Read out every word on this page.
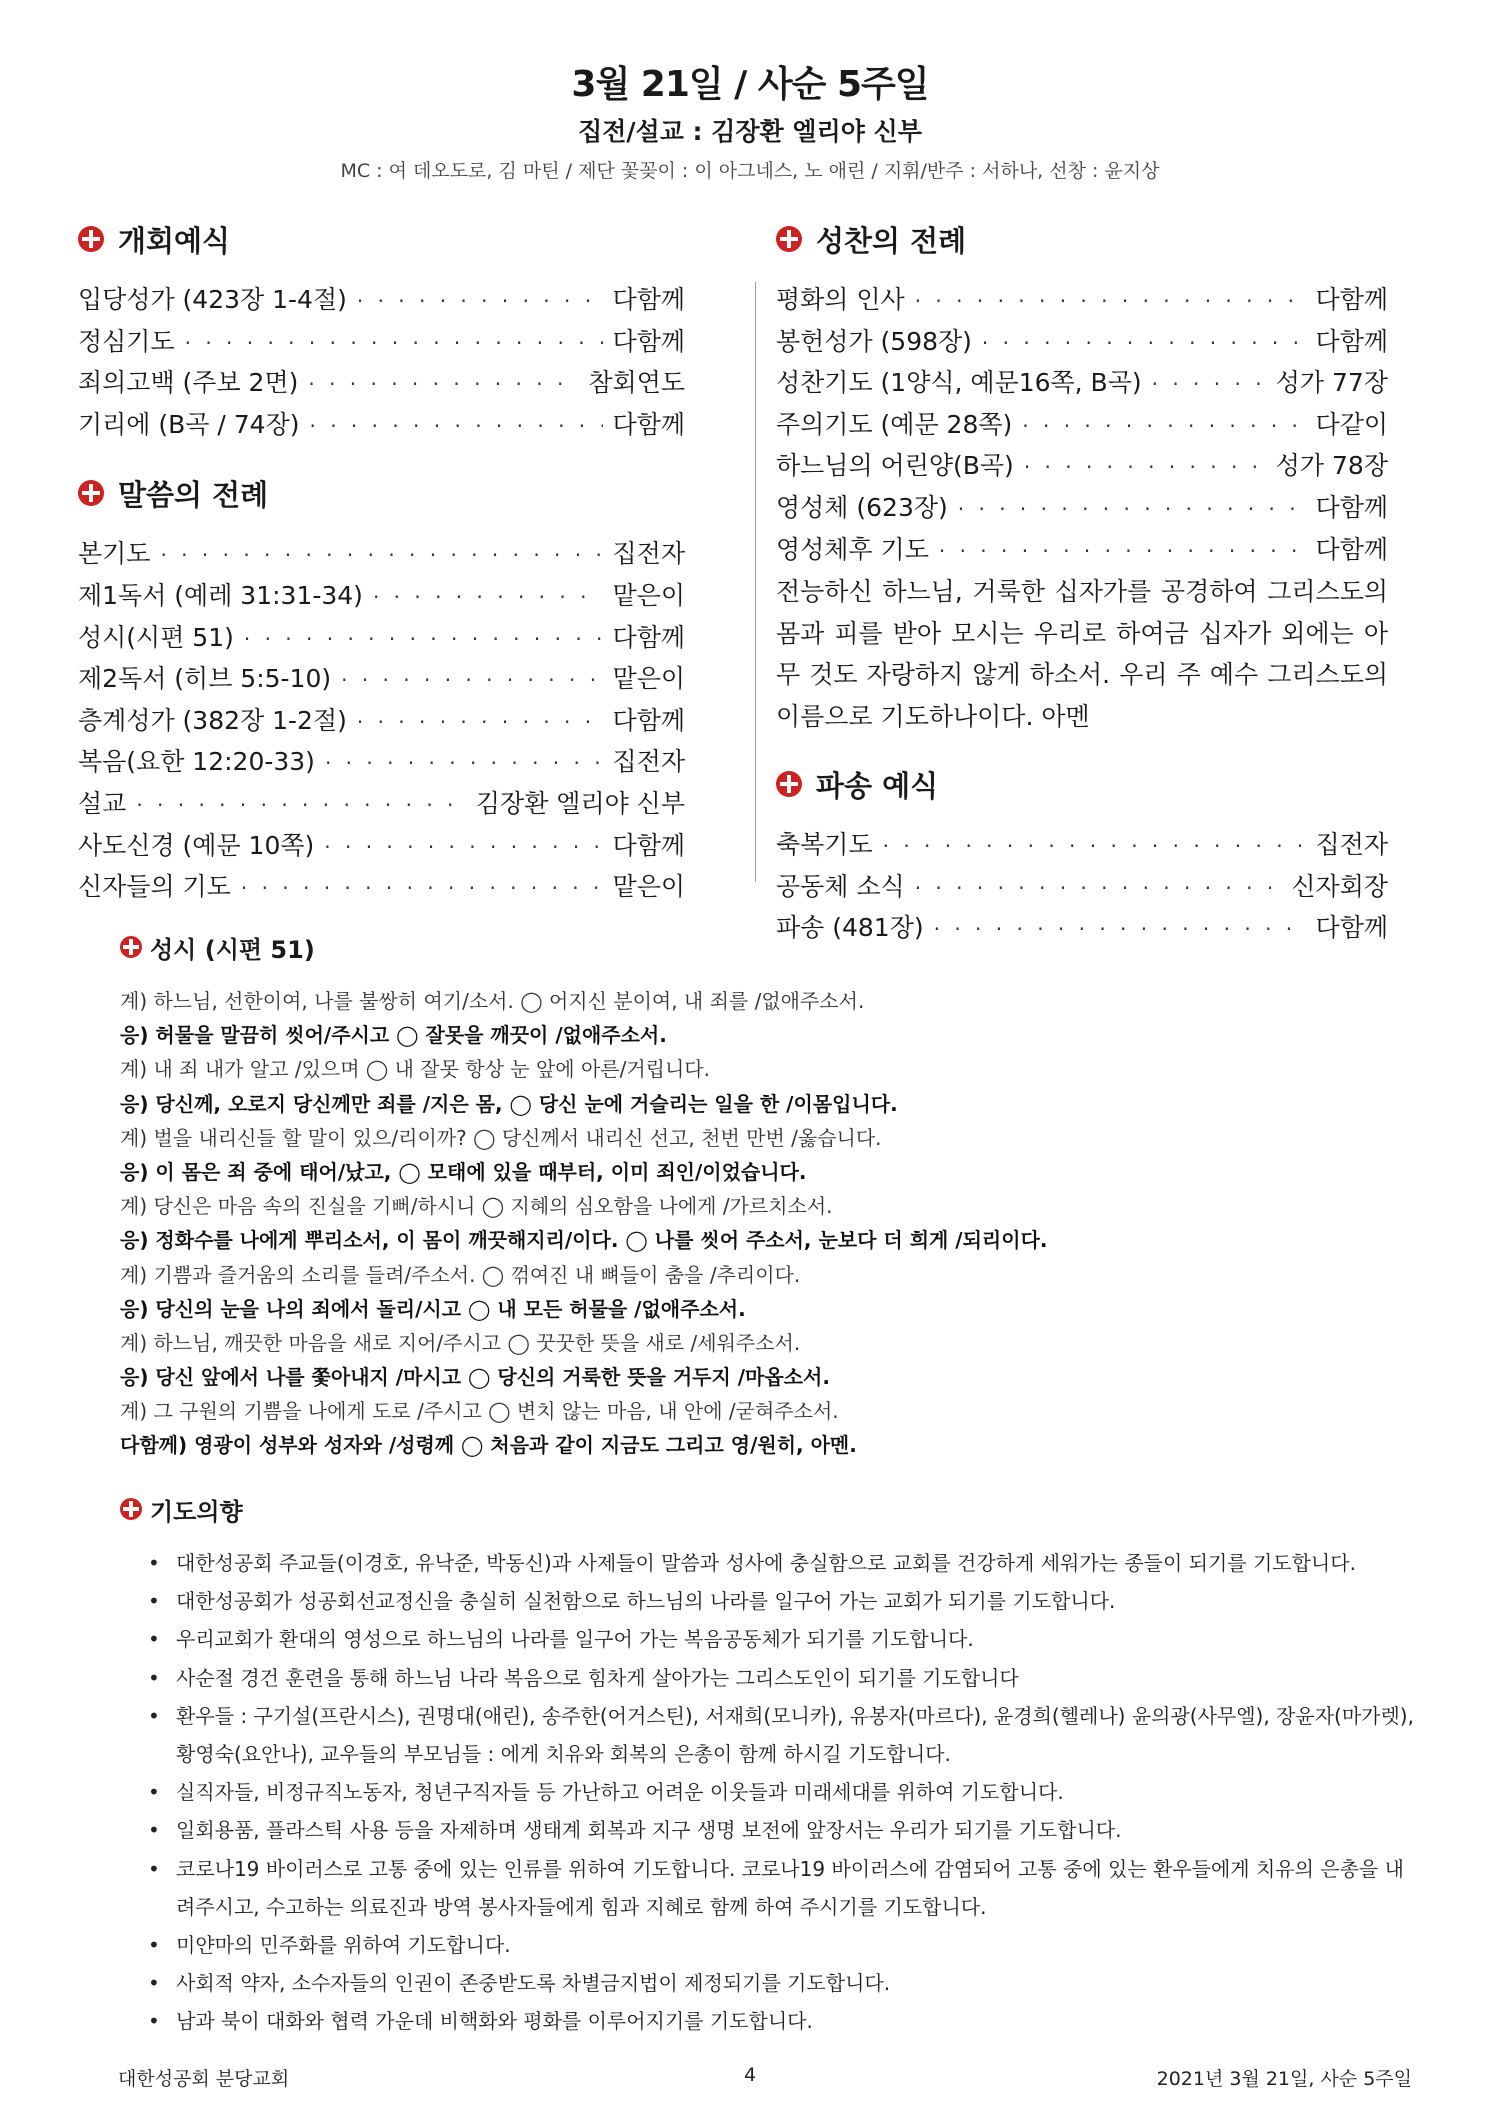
3월 21일 / 사순 5주일
집전/설교 : 김장환 엘리야 신부
MC : 여 데오도로, 김 마틴 / 제단 꽃꽂이 : 이 아그네스, 노 애린 / 지휘/반주 : 서하나, 선창 : 윤지상
개회예식
입당성가 (423장 1-4절) · · ·	다함께
정심기도 · · ·	다함께
죄의고백 (주보 2면) · · ·	참회연도
기리에 (B곡 / 74장) · · ·	다함께
말씀의 전례
본기도 · · ·	집전자
제1독서 (예레 31:31-34) · · ·	맡은이
성시(시편 51) · · ·	다함께
제2독서 (히브 5:5-10) · · ·	맡은이
층계성가 (382장 1-2절) · · ·	다함께
복음(요한 12:20-33) · · ·	집전자
설교 · · ·	김장환 엘리야 신부
사도신경 (예문 10쪽) · · ·	다함께
신자들의 기도 · · ·	맡은이
성찬의 전례
평화의 인사 · · ·	다함께
봉헌성가 (598장) · · ·	다함께
성찬기도 (1양식, 예문16쪽, B곡) · · ·	성가 77장
주의기도 (예문 28쪽) · · ·	다같이
하느님의 어린양(B곡) · · ·	성가 78장
영성체 (623장) · · ·	다함께
영성체후 기도 · · ·	다함께

전능하신 하느님, 거룩한 십자가를 공경하여 그리스도의 몸과 피를 받아 모시는 우리로 하여금 십자가 외에는 아무 것도 자랑하지 않게 하소서. 우리 주 예수 그리스도의 이름으로 기도하나이다. 아멘

파송 예식
축복기도 · · ·	집전자
공동체 소식 · · ·	신자회장
파송 (481장) · · ·	다함께
성시 (시편 51)
계) 하느님, 선한이여, 나를 불쌍히 여기/소서. ◯ 어지신 분이여, 내 죄를 /없애주소서.
응) 허물을 말끔히 씻어/주시고 ◯ 잘못을 깨끗이 /없애주소서.
계) 내 죄 내가 알고 /있으며 ◯ 내 잘못 항상 눈 앞에 아른/거립니다.
응) 당신께, 오로지 당신께만 죄를 /지은 몸, ◯ 당신 눈에 거슬리는 일을 한 /이몸입니다.
계) 벌을 내리신들 할 말이 있으/리이까? ◯ 당신께서 내리신 선고, 천번 만번 /옳습니다.
응) 이 몸은 죄 중에 태어/났고, ◯ 모태에 있을 때부터, 이미 죄인/이었습니다.
계) 당신은 마음 속의 진실을 기뻐/하시니 ◯ 지혜의 심오함을 나에게 /가르치소서.
응) 정화수를 나에게 뿌리소서, 이 몸이 깨끗해지리/이다. ◯ 나를 씻어 주소서, 눈보다 더 희게 /되리이다.
계) 기쁨과 즐거움의 소리를 들려/주소서. ◯ 꺾여진 내 뼈들이 춤을 /추리이다.
응) 당신의 눈을 나의 죄에서 돌리/시고 ◯ 내 모든 허물을 /없애주소서.
계) 하느님, 깨끗한 마음을 새로 지어/주시고 ◯ 꿋꿋한 뜻을 새로 /세워주소서.
응) 당신 앞에서 나를 쫓아내지 /마시고 ◯ 당신의 거룩한 뜻을 거두지 /마옵소서.
계) 그 구원의 기쁨을 나에게 도로 /주시고 ◯ 변치 않는 마음, 내 안에 /굳혀주소서.
다함께) 영광이 성부와 성자와 /성령께 ◯ 처음과 같이 지금도 그리고 영/원히, 아멘.
기도의향
• 대한성공회 주교들(이경호, 유낙준, 박동신)과 사제들이 말씀과 성사에 충실함으로 교회를 건강하게 세워가는 종들이 되기를 기도합니다.
• 대한성공회가 성공회선교정신을 충실히 실천함으로 하느님의 나라를 일구어 가는 교회가 되기를 기도합니다.
• 우리교회가 환대의 영성으로 하느님의 나라를 일구어 가는 복음공동체가 되기를 기도합니다.
• 사순절 경건 훈련을 통해 하느님 나라 복음으로 힘차게 살아가는 그리스도인이 되기를 기도합니다
• 환우들 : 구기설(프란시스), 권명대(애린), 송주한(어거스틴), 서재희(모니카), 유봉자(마르다), 윤경희(헬레나) 윤의광(사무엘), 장윤자(마가렛), 황영숙(요안나), 교우들의 부모님들 : 에게 치유와 회복의 은총이 함께 하시길 기도합니다.
• 실직자들, 비정규직노동자, 청년구직자들 등 가난하고 어려운 이웃들과 미래세대를 위하여 기도합니다.
• 일회용품, 플라스틱 사용 등을 자제하며 생태계 회복과 지구 생명 보전에 앞장서는 우리가 되기를 기도합니다.
• 코로나19 바이러스로 고통 중에 있는 인류를 위하여 기도합니다. 코로나19 바이러스에 감염되어 고통 중에 있는 환우들에게 치유의 은총을 내려주시고, 수고하는 의료진과 방역 봉사자들에게 힘과 지혜로 함께 하여 주시기를 기도합니다.
• 미얀마의 민주화를 위하여 기도합니다.
• 사회적 약자, 소수자들의 인권이 존중받도록 차별금지법이 제정되기를 기도합니다.
• 남과 북이 대화와 협력 가운데 비핵화와 평화를 이루어지기를 기도합니다.
대한성공회 분당교회	4	2021년 3월 21일, 사순 5주일
